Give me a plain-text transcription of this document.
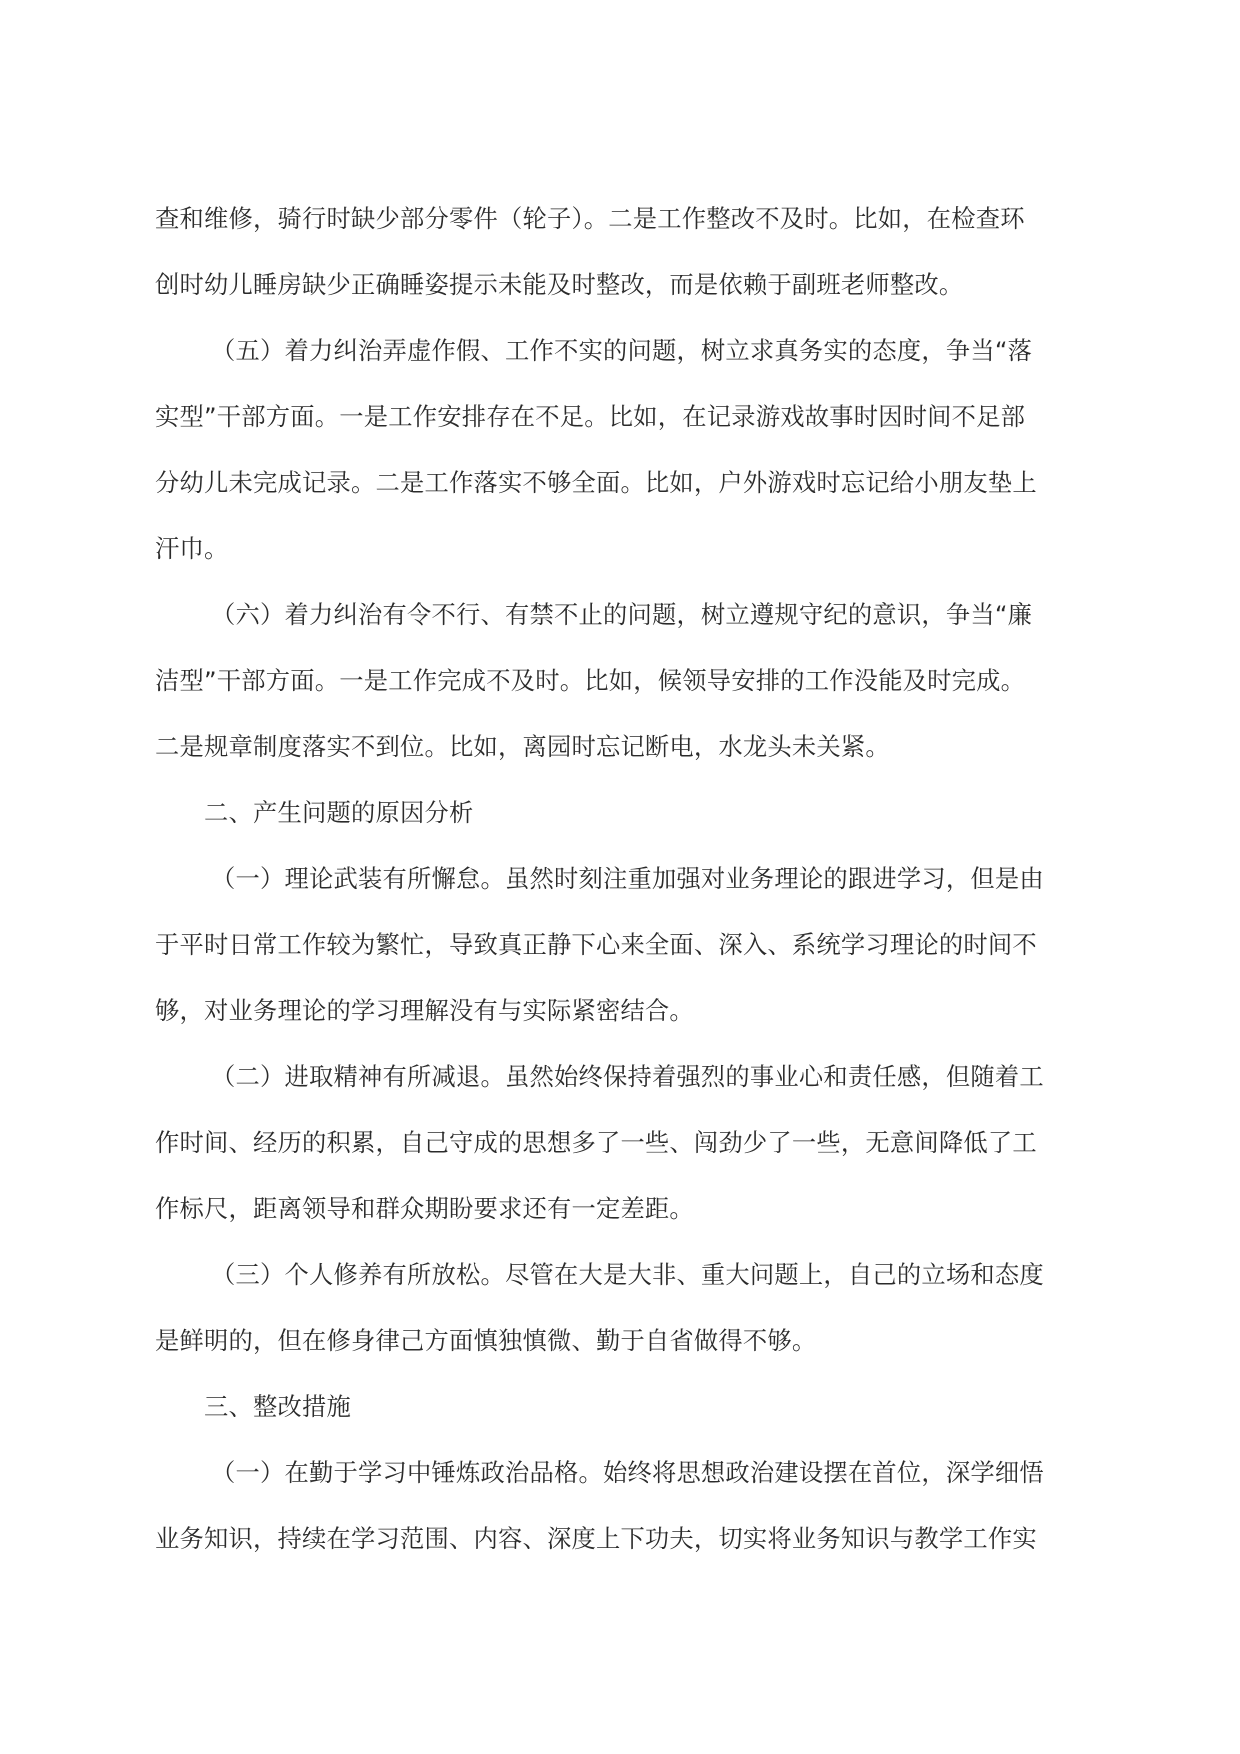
查和维修，骑行时缺少部分零件（轮子）。二是工作整改不及时。比如，在检查环
创时幼儿睡房缺少正确睡姿提示未能及时整改，而是依赖于副班老师整改。
（五）着力纠治弄虚作假、工作不实的问题，树立求真务实的态度，争当“落
实型”干部方面。一是工作安排存在不足。比如，在记录游戏故事时因时间不足部
分幼儿未完成记录。二是工作落实不够全面。比如，户外游戏时忘记给小朋友垫上
汗巾。
（六）着力纠治有令不行、有禁不止的问题，树立遵规守纪的意识，争当“廉
洁型”干部方面。一是工作完成不及时。比如，候领导安排的工作没能及时完成。
二是规章制度落实不到位。比如，离园时忘记断电，水龙头未关紧。
二、产生问题的原因分析
（一）理论武装有所懈怠。虽然时刻注重加强对业务理论的跟进学习，但是由
于平时日常工作较为繁忙，导致真正静下心来全面、深入、系统学习理论的时间不
够，对业务理论的学习理解没有与实际紧密结合。
（二）进取精神有所减退。虽然始终保持着强烈的事业心和责任感，但随着工
作时间、经历的积累，自己守成的思想多了一些、闯劲少了一些，无意间降低了工
作标尺，距离领导和群众期盼要求还有一定差距。
（三）个人修养有所放松。尽管在大是大非、重大问题上，自己的立场和态度
是鲜明的，但在修身律己方面慎独慎微、勤于自省做得不够。
三、整改措施
（一）在勤于学习中锤炼政治品格。始终将思想政治建设摆在首位，深学细悟
业务知识，持续在学习范围、内容、深度上下功夫，切实将业务知识与教学工作实
